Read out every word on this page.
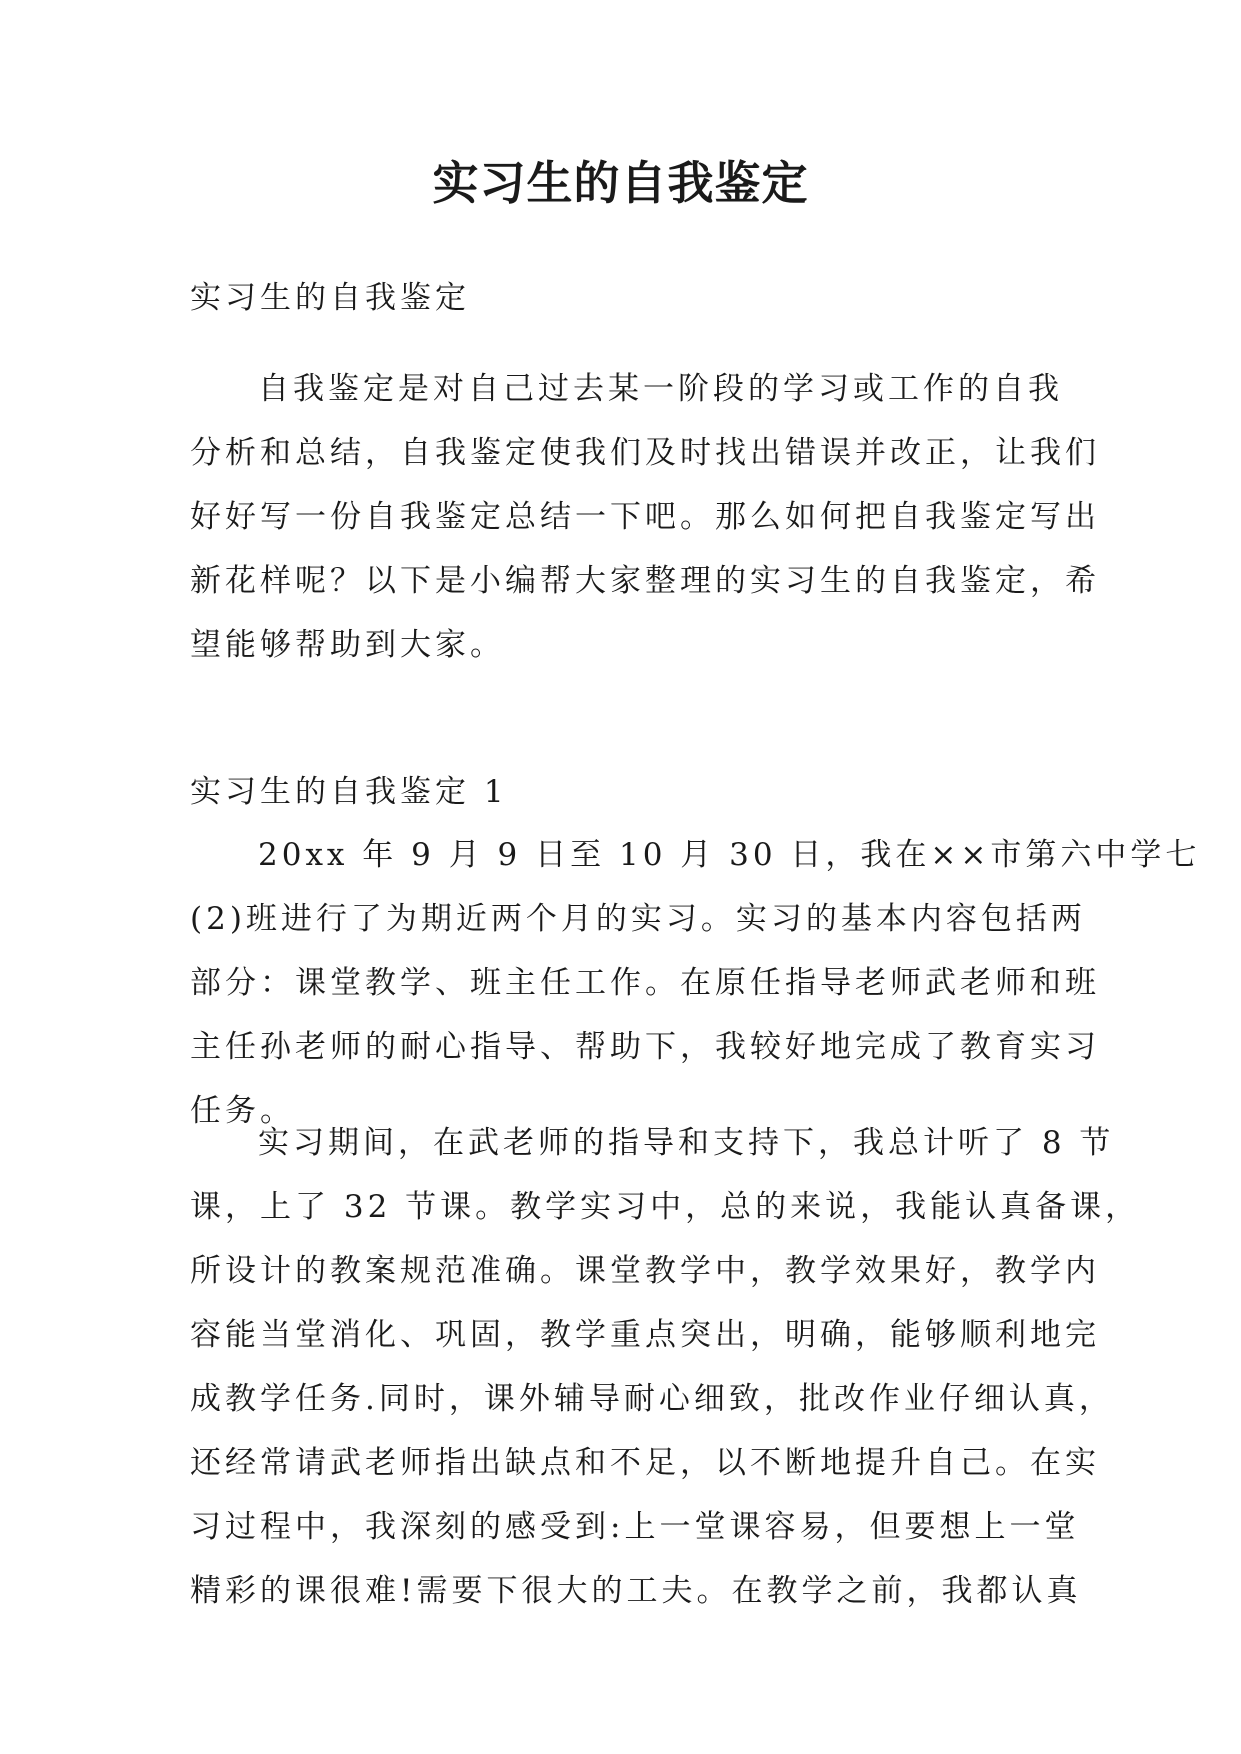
实习生的自我鉴定

实习生的自我鉴定

自我鉴定是对自己过去某一阶段的学习或工作的自我
分析和总结，自我鉴定使我们及时找出错误并改正，让我们
好好写一份自我鉴定总结一下吧。那么如何把自我鉴定写出
新花样呢？以下是小编帮大家整理的实习生的自我鉴定，希
望能够帮助到大家。

实习生的自我鉴定 1

20xx 年 9 月 9 日至 10 月 30 日，我在××市第六中学七
(2)班进行了为期近两个月的实习。实习的基本内容包括两
部分：课堂教学、班主任工作。在原任指导老师武老师和班
主任孙老师的耐心指导、帮助下，我较好地完成了教育实习
任务。

实习期间，在武老师的指导和支持下，我总计听了 8 节
课，上了 32 节课。教学实习中，总的来说，我能认真备课，
所设计的教案规范准确。课堂教学中，教学效果好，教学内
容能当堂消化、巩固，教学重点突出，明确，能够顺利地完
成教学任务.同时，课外辅导耐心细致，批改作业仔细认真，
还经常请武老师指出缺点和不足，以不断地提升自己。在实
习过程中，我深刻的感受到:上一堂课容易，但要想上一堂
精彩的课很难!需要下很大的工夫。在教学之前，我都认真
